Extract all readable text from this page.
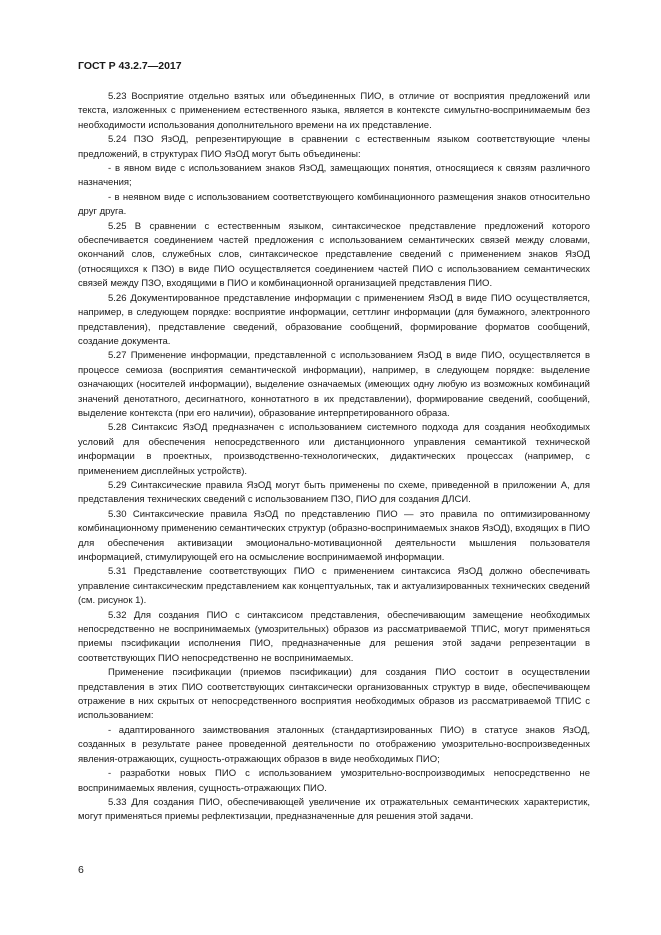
ГОСТ Р 43.2.7—2017

5.23 Восприятие отдельно взятых или объединенных ПИО, в отличие от восприятия предложений или текста, изложенных с применением естественного языка, является в контексте симультно-воспринимаемым без необходимости использования дополнительного времени на их представление.

5.24 ПЗО ЯзОД, репрезентирующие в сравнении с естественным языком соответствующие члены предложений, в структурах ПИО ЯзОД могут быть объединены:

- в явном виде с использованием знаков ЯзОД, замещающих понятия, относящиеся к связям различного назначения;

- в неявном виде с использованием соответствующего комбинационного размещения знаков относительно друг друга.

5.25 В сравнении с естественным языком, синтаксическое представление предложений которого обеспечивается соединением частей предложения с использованием семантических связей между словами, окончаний слов, служебных слов, синтаксическое представление сведений с применением знаков ЯзОД (относящихся к ПЗО) в виде ПИО осуществляется соединением частей ПИО с использованием семантических связей между ПЗО, входящими в ПИО и комбинационной организацией представления ПИО.

5.26 Документированное представление информации с применением ЯзОД в виде ПИО осуществляется, например, в следующем порядке: восприятие информации, сеттлинг информации (для бумажного, электронного представления), представление сведений, образование сообщений, формирование форматов сообщений, создание документа.

5.27 Применение информации, представленной с использованием ЯзОД в виде ПИО, осуществляется в процессе семиоза (восприятия семантической информации), например, в следующем порядке: выделение означающих (носителей информации), выделение означаемых (имеющих одну любую из возможных комбинаций значений денотатного, десигнатного, коннотатного в их представлении), формирование сведений, сообщений, выделение контекста (при его наличии), образование интерпретированного образа.

5.28 Синтаксис ЯзОД предназначен с использованием системного подхода для создания необходимых условий для обеспечения непосредственного или дистанционного управления семантикой технической информации в проектных, производственно-технологических, дидактических процессах (например, с применением дисплейных устройств).

5.29 Синтаксические правила ЯзОД могут быть применены по схеме, приведенной в приложении А, для представления технических сведений с использованием ПЗО, ПИО для создания ДЛСИ.

5.30 Синтаксические правила ЯзОД по представлению ПИО — это правила по оптимизированному комбинационному применению семантических структур (образно-воспринимаемых знаков ЯзОД), входящих в ПИО для обеспечения активизации эмоционально-мотивационной деятельности мышления пользователя информацией, стимулирующей его на осмысление воспринимаемой информации.

5.31 Представление соответствующих ПИО с применением синтаксиса ЯзОД должно обеспечивать управление синтаксическим представлением как концептуальных, так и актуализированных технических сведений (см. рисунок 1).

5.32 Для создания ПИО с синтаксисом представления, обеспечивающим замещение необходимых непосредственно не воспринимаемых (умозрительных) образов из рассматриваемой ТПИС, могут применяться приемы пэсификации исполнения ПИО, предназначенные для решения этой задачи репрезентации в соответствующих ПИО непосредственно не воспринимаемых.

Применение пэсификации (приемов пэсификации) для создания ПИО состоит в осуществлении представления в этих ПИО соответствующих синтаксически организованных структур в виде, обеспечивающем отражение в них скрытых от непосредственного восприятия необходимых образов из рассматриваемой ТПИС с использованием:

- адаптированного заимствования эталонных (стандартизированных ПИО) в статусе знаков ЯзОД, созданных в результате ранее проведенной деятельности по отображению умозрительно-воспроизведенных явления-отражающих, сущность-отражающих образов в виде необходимых ПИО;

- разработки новых ПИО с использованием умозрительно-воспроизводимых непосредственно не воспринимаемых явления, сущность-отражающих ПИО.

5.33 Для создания ПИО, обеспечивающей увеличение их отражательных семантических характеристик, могут применяться приемы рефлектизации, предназначенные для решения этой задачи.

6
